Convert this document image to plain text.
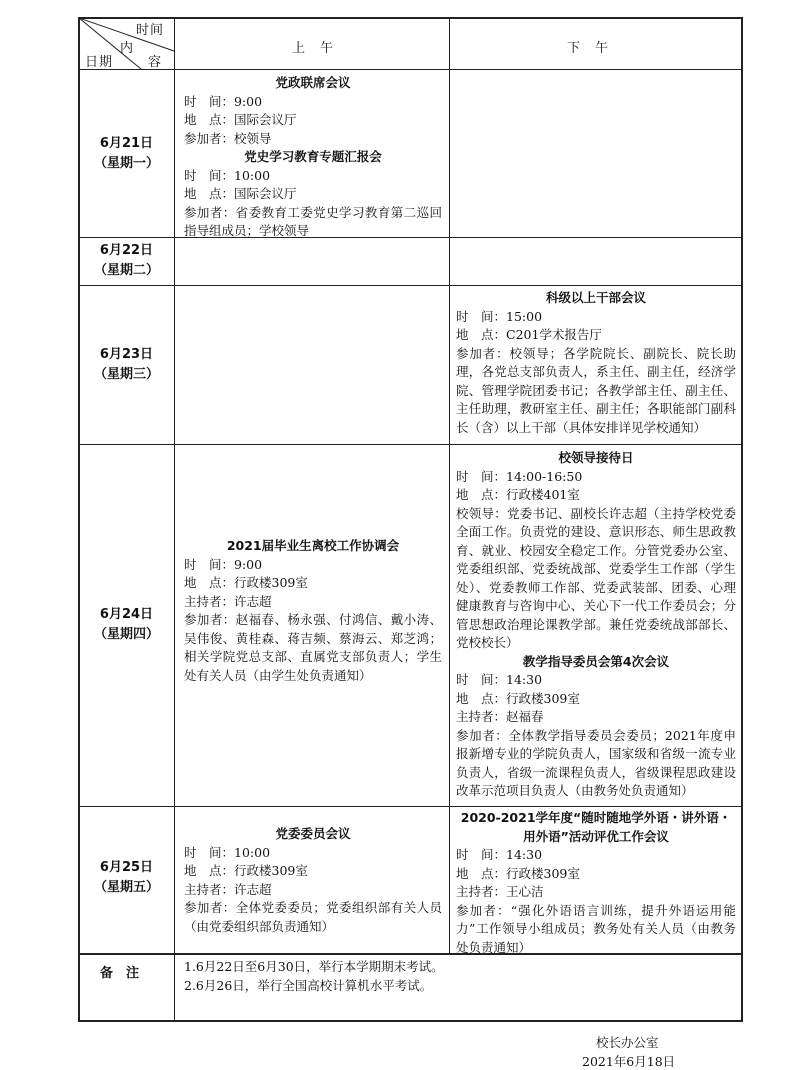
时间
内
容
日期
上　午	下　午
6月21日
（星期一）
6月22日
（星期二）
6月23日
（星期三）
6月24日
（星期四）
6月25日
（星期五）
党政联席会议
时　间：9:00
地　点：国际会议厅
参加者：校领导
党史学习教育专题汇报会
时　间：10:00
地　点：国际会议厅
参加者：省委教育工委党史学习教育第二巡回指导组成员；学校领导
科级以上干部会议
时　间：15:00
地　点：C201学术报告厅
参加者：校领导；各学院院长、副院长、院长助理，各党总支部负责人，系主任、副主任，经济学院、管理学院团委书记；各教学部主任、副主任、主任助理，教研室主任、副主任；各职能部门副科长（含）以上干部（具体安排详见学校通知）
2021届毕业生离校工作协调会
时　间：9:00
地　点：行政楼309室
主持者：许志超
参加者：赵福春、杨永强、付鸿信、戴小涛、吴伟俊、黄桂森、蒋吉频、蔡海云、郑芝鸿；相关学院党总支部、直属党支部负责人；学生处有关人员（由学生处负责通知）
校领导接待日
时　间：14:00-16:50
地　点：行政楼401室
校领导：党委书记、副校长许志超（主持学校党委全面工作。负责党的建设、意识形态、师生思政教育、就业、校园安全稳定工作。分管党委办公室、党委组织部、党委统战部、党委学生工作部（学生处）、党委教师工作部、党委武装部、团委、心理健康教育与咨询中心、关心下一代工作委员会；分管思想政治理论课教学部。兼任党委统战部部长、党校校长）
教学指导委员会第4次会议
时　间：14:30
地　点：行政楼309室
主持者：赵福春
参加者：全体教学指导委员会委员；2021年度申报新增专业的学院负责人，国家级和省级一流专业负责人，省级一流课程负责人，省级课程思政建设改革示范项目负责人（由教务处负责通知）
党委委员会议
时　间：10:00
地　点：行政楼309室
主持者：许志超
参加者：全体党委委员；党委组织部有关人员（由党委组织部负责通知）
2020-2021学年度“随时随地学外语・讲外语・用外语”活动评优工作会议
时　间：14:30
地　点：行政楼309室
主持者：王心洁
参加者：“强化外语语言训练，提升外语运用能力”工作领导小组成员；教务处有关人员（由教务处负责通知）
备　注	1.6月22日至6月30日，举行本学期期末考试。
2.6月26日，举行全国高校计算机水平考试。
校长办公室
2021年6月18日
